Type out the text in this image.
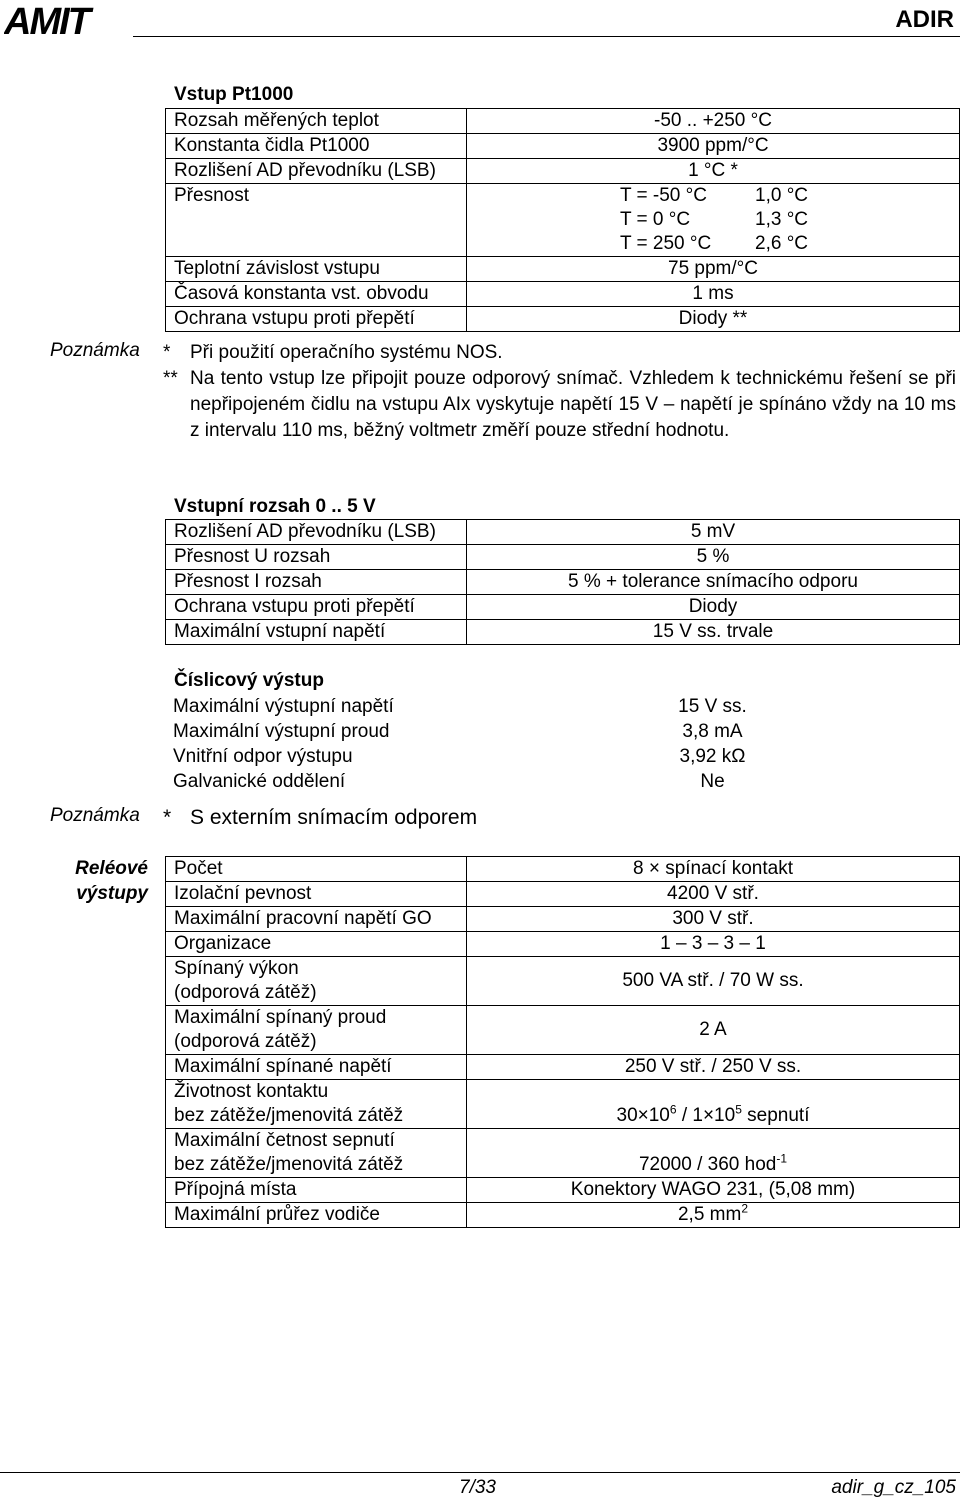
AMIT	ADIR
Vstup Pt1000
Rozsah měřených teplot	-50 .. +250 °C
Konstanta čidla Pt1000	3900 ppm/°C
Rozlišení AD převodníku (LSB)	1 °C *
Přesnost		T = -50 °C	1,0 °C
T = 0 °C	1,3 °C
T = 250 °C	2,6 °C

Teplotní závislost vstupu	75 ppm/°C
Časová konstanta vst. obvodu	1 ms
Ochrana vstupu proti přepětí	Diody **
Poznámka * Při použití operačního systému NOS.
** Na tento vstup lze připojit pouze odporový snímač. Vzhledem k technickému řešení se při nepřipojeném čidlu na vstupu AIx vyskytuje napětí 15 V – napětí je spínáno vždy na 10 ms z intervalu 110 ms, běžný voltmetr změří pouze střední hodnotu.
Vstupní rozsah 0 .. 5 V
Rozlišení AD převodníku (LSB)	5 mV
Přesnost U rozsah	5 %
Přesnost I rozsah	5 % + tolerance snímacího odporu
Ochrana vstupu proti přepětí	Diody
Maximální vstupní napětí	15 V ss. trvale
Číslicový výstup
Maximální výstupní napětí	15 V ss.
Maximální výstupní proud	3,8 mA
Vnitřní odpor výstupu	3,92 kΩ
Galvanické oddělení	Ne
Poznámka * S externím snímacím odporem
Reléové
výstupy
Počet	8 × spínací kontakt
Izolační pevnost	4200 V stř.
Maximální pracovní napětí GO	300 V stř.
Organizace	1 – 3 – 3 – 1

Spínaný výkon
(odporová zátěž)	500 VA stř. / 70 W ss.

Maximální spínaný proud
(odporová zátěž)	2 A
Maximální spínané napětí	250 V stř. / 250 V ss.

Životnost kontaktu
bez zátěže/jmenovitá zátěž	$30\times 10^6 / 1\times 10^5$ sepnutí

Maximální četnost sepnutí
bez zátěže/jmenovitá zátěž	72000 / 360 hod$^{-1}$
Přípojná místa	Konektory WAGO 231, (5,08 mm)
Maximální průřez vodiče	2,5 $mm^2$
7/33	adir_g_cz_105
